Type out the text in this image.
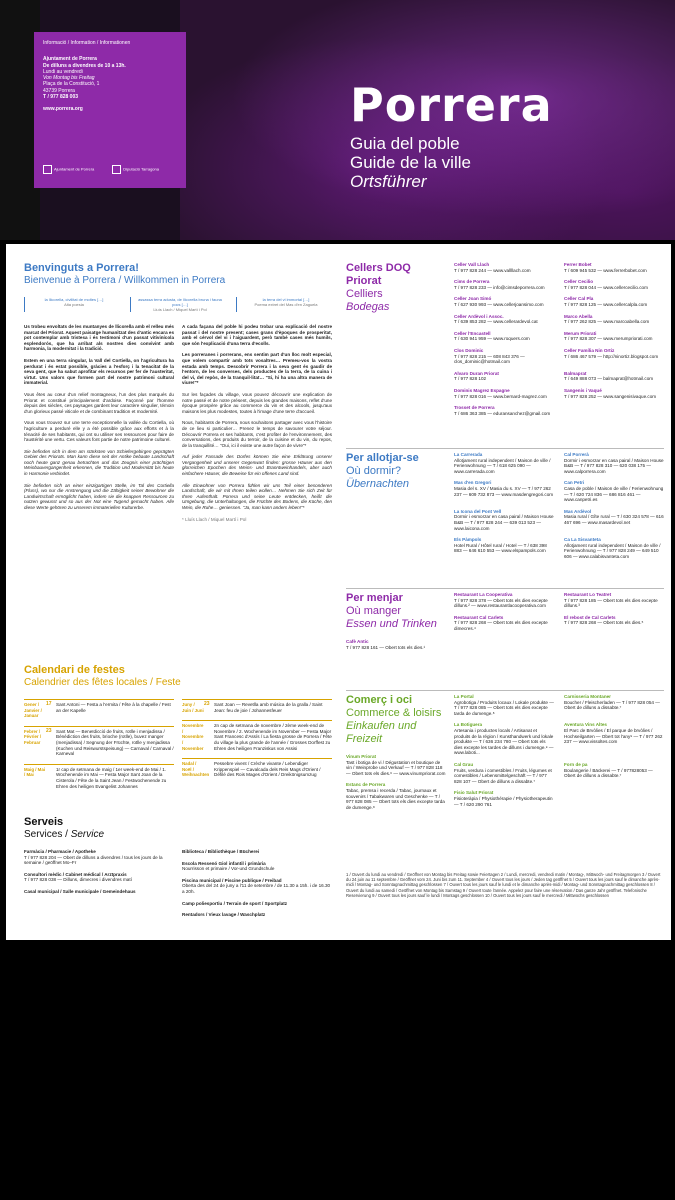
Informació / Information / Informationen
Ajuntament de Porrera
De dilluns a divendres de 10 a 13h.
Lundi au vendredi
Von Montag bis Freitag
Plaça de la Constitució, 1
43739 Porrera
T / 977 828 003
www.porrera.org
Ajuntament de Porrera	Diputació Tarragona
Porrera
Guia del poble
Guide de la ville
Ortsführer
Benvinguts a Porrera!
Bienvenue à Porrera / Willkommen in Porrera
la llicorella, civilitat de moltes […]
Alta poesia
assassa terra adusta, de llicorella bruna i fauna pocs […]
Lluís Llach / Miquel Martí i Pol
la terra del vi immortal […]
Poema extret del Mas d'en Zaguela

Us trobeu envoltats de les muntanyes de llicorella amb el relleu més marcat del Priorat. Aquest paisatge humanitzat des d'antic encara es pot contemplar amb tristesa i és testimoni d'un passat vitivinícola esplendorós, que ha arribat als nostres dies convivint amb harmonia, la modernitat i la tradició.

Estem en una terra singular, la Vall del Cortiella, on l'agricultura ha perdurat i és estat possible, gràcies a l'esforç i la tenacitat de la seva gent, que ha sabut aprofitar els recursos per fer de l'austeritat, virtut. Uns valors que formen part del nostre patrimoni cultural immaterial.

Vous êtes au cœur d'un relief montagneux, l'un des plus marqués du Priorat et constitué principalement d'ardoise. Façonné par l'homme depuis des siècles, ces paysages gardent leur caractère singulier, témoin d'un glorieux passé viticole et de combinant tradition et modernité.

Vous vous trouvez sur une terre exceptionnelle la vallée du Cortiella, où l'agriculture a perduré elle y a été possible grâce aux efforts et à la ténacité de ses habitants, qui ont su utiliser ses ressources pour faire de l'austérité une vertu. Ces valeurs font partie de notre patrimoine culturel.

Sie befinden sich in dem am stärksten von Schiefergebirgen geprägten Gebiet des Priorats. Man kann diese seit der Antike bebaute Landschaft noch heute ganz genau betrachten und das Zeugnis einer prächtigen Weinbauvergangenheit erkennen, die Tradition und Modernität bis heute in Harmonie verbindet.

Sie befinden sich an einer einzigartigen Stelle, im Tal des Cortiella (Fluss), wo nur die Anstrengung und die Zähigkeit seiner Bewohner die Landwirtschaft ermöglicht haben, indem sie die knappen Ressourcen zu nutzen gewusst und so aus der Not eine Tugend gemacht haben. Alle diese Werte gehören zu unserem immateriellen Kulturerbe.

A cada façana del poble hi podeu trobar una explicació del nostre passat i del nostre present; cases grans d'èpoques de prosperitat, amb el cérvol del vi i l'aiguardent, però també cases més humils, que són l'explicació d'una terra d'ecolls.

Les porreranes i porrerans, ens sentim part d'un lloc molt especial, que volem compartir amb tots vosaltres… Premeu-vos la vostra estada amb temps. Descobrir Porrera i la seva gent és gaudir de l'entorn, de les converses, dels productes de la terra, de la cuina i del vi, del repòs, de la tranquil·litat… "Si, hi ha una altra manera de viure!"*

Sur les façades du village, vous pouvez découvrir une explication de notre passé et de notre présent, depuis les grandes maisons, reflet d'une époque prospère grâce au commerce du vin et des alcools, jusqu'aux maisons les plus modestes, toutes à l'image d'une terre d'accueil.

Nous, habitants de Porrera, nous souhaitons partager avec vous l'histoire de ce lieu si particulier… Prenez le temps de savourer votre séjour. Découvrir Porrera et ses habitants, c'est profiter de l'environnement, des conversations, des produits du terroir, de la cuisine et du vin, du repos, de la tranquillité… "Oui, ici il existe une autre façon de vivre"*

Auf jeder Fassade des Dorfes können Sie eine Erklärung unserer Vergangenheit und unserer Gegenwart finden: grosse Häuser aus den glorreichen Epochen des Weins- und Branntweinhandels, aber auch einfachere Häuser, die Beweise für ein offenes Land sind.

Alle Einwohner von Porrera fühlen wir uns Teil einer besonderen Landschaft, die wir mit Ihnen teilen wollen… Nehmen Sie sich Zeit für Ihren Aufenthalt. Porrera und seine Leute entdecken, heißt die Umgebung, die Unterhaltungen, die Früchte des Bodens, die Küche, den Wein, die Ruhe… geniessen. "Ja, man kann anders leben!"*

* Lluís Llach / Miquel Martí i Pol

Calendari de festes
Calendrier des fêtes locales / Feste
Gener / Janvier / Januar
17 Sant Antoni — Festa a l'ermita / Fête à la chapelle / Fest an der Kapelle
Febrer / Février / Februar
23 Sant Mat — Beneïdicció de fruits, rotlle i menjadissa / Bénédiction des fruits, brioche (rotlle), buvez manger (menjadissa) / Segnung der Früchte, rotlle y menjadissa (Kuchen und Reiswurstspeisung) — Carnaval / Carnaval / Karneval
Maig / Mai / Mai
1r cap de setmana de maig / 1er week-end de Mai / 1. Wochenende im Mai — Festa Major Sant Joan de la Cisterola / Fête de la Saint Jean / Festwochenende zu Ehren des heiligen Evangelist Johannes
Juny / Juin / Juni
23 Sant Joan — Revetlla amb música de la gralla / Saint Jean: feu de joie / Johannesfeuer
Novembre / Novembre / November
2n cap de setmana de novembre / 2ème week-end de Novembre / 2. Wochenende im November — Festa Major Sant Francesc d'Assís / La fiesta grosse de Porrera / Fête du village la plus grande de l'année / Grosses Dorffest zu Ehren des heiligen Franziskus von Assisi
Nadal / Noël / Weihnachten
Pessebre vivent / Crèche vivante / Lebendiger Krippenspiel — Cavalcada dels Reis Mags d'Orient / Défilé des Rois Mages d'Orient / Dreikönigsumzug
Serveis
Services / Service
Farmàcia / Pharmacie / Apotheke
T / 977 828 204 — Obert de dilluns a divendres / tous les jours de la semaine / geöffnet Mo–Fr
Consultori mèdic / Cabinet médical / Arztpraxis
T / 977 828 038 — Dilluns, dimecres i divendres matí
Casal municipal / Salle municipale / Gemeindehaus
Biblioteca / Bibliothèque / Bücherei
Escola Ressenó Giol infantil i primària
Nourrisson et primaire / Vor-und Grundschule
Piscina municipal / Piscine publique / Freibad
Oberta des del 24 de juny a l'11 de setembre / de 11.30 a 15h. i de 16.30 a 20h.
Camp poliesportiu / Terrain de sport / Sportplatz
Rentadors / Vieux lavage / Waschplatz
Cellers DOQ Priorat
Celliers
Bodegas
Celler Vall Llach
T / 977 828 244 — www.vallllach.com
Ferrer Bobet
T / 609 945 532 — www.ferrerbobet.com
Cims de Porrera
T / 977 828 233 — info@cimsdeporrera.com
Celler Cecilio
T / 977 828 044 — www.cellercecilio.com
Celler Joan Simó
T / 627 930 993 — www.cellerjoansimo.com
Celler Cal Pla
T / 977 828 125 — www.cellercalpla.com
Celler Ardèvol i Assoc.
T / 639 853 282 — www.cellerardevol.cat
Marco Abella
T / 977 262 825 — www.marcoabella.com
Celler l'Encastell
T / 630 941 959 — www.roquers.com
Merum Priorati
T / 977 828 307 — www.merumpriorati.com
Clos Dominic
T / 977 828 215 — 608 843 376 — clos_dominic@hotmail.com
Celler Família Nin Ortiz
T / 686 467 579 — http://ninortiz.blogspot.com
Alvaro Duran Priorat
T / 977 828 102
Balmaprat
T / 649 888 073 — balmaprat@hotmail.com
Dominis Magrez Espagne
T / 977 828 016 — www.bernard-magrez.com
Sangenís i Vaqué
T / 977 828 252 — www.sangenisivaque.com
Trosset de Porrera
T / 686 363 385 — eduransanchez@gmail.com
Per allotjar-se
Où dormir?
Übernachten
La Carrerada
Allotjament rural independent / Maison de ville / Ferienwohnung — T / 618 625 090 — www.carrerada.com
Cal Porrerà
Dormir i esmorzar en casa pairal / Maison House B&B — T / 977 828 310 — 620 038 175 — www.calporrera.com
Mas d'en Gregori
Masia del s. XV / Masia du s. XV — T / 977 262 237 — 609 732 873 — www.masdengregori.com
Can Petri
Casa de poble / Maison de ville / Ferienwohnung — T / 620 724 836 — 686 816 461 — www.canpetri.es
La Icona del Pont Vell
Dormir i esmorzar en casa pairal / Maison House B&B — T / 977 828 244 — 639 013 523 — www.laicona.com
Mas Ardèvol
Masia rural / Gîte rural — T / 630 324 578 — 616 467 696 — www.masardevol.net
Els Pàmpols
Hotel Rural / Hôtel rural / Hotel — T / 638 398 883 — 646 610 553 — www.elspampols.com
Ca La Sisvanteta
Allotjament rural independent / Maison de ville / Ferienwohnung — T / 977 828 249 — 649 510 606 — www.calabisvanteta.com
Per menjar
Où manger
Essen und Trinken
Cafè Antic
T / 977 828 161 — Obert tots els dies.¹
Restaurant La Cooperativa
T / 977 828 378 — Obert tots els dies excepte dilluns.² — www.restaurantlacooperativa.com
Restaurant Lo Teatret
T / 977 828 185 — Obert tots els dies excepte dilluns.³
Restaurant Cal Carlets
T / 977 828 268 — Obert tots els dies excepte dimecres.⁴
El rebost de Cal Carlets
T / 977 828 268 — Obert tots els dies.⁵
Comerç i oci
Commerce & loisirs
Einkaufen und Freizeit
Vinum Priorat
Tast i botiga de vi / Dégustation et boutique de vin / Weinprobe und Verkauf — T / 977 828 118 — Obert tots els dies.⁶ — www.vinumpriorat.com
Estanc de Porrera
Tabac, premsa i recerda / Tabac, journaux et souvenirs / Tabakwaren und Geschenke — T / 977 828 085 — Obert tots els dies excepte tarda de dumenge.⁸
La Portal
Agrobotiga / Produits locaux / Lokale produkte — T / 977 828 085 — Obert tots els dies excepte tarda de dumenge.⁸
Carnisseria Montaner
Boucher / Fleischerladen — T / 977 828 054 — Obert de dilluns a dissabte.⁷
La Botiguera
Artesania i productes locals / Artisanat et produits de la région / Kunsthandwerk und lokale produkte — T / 636 234 780 — Obert tots els dies excepte les tardes de dilluns i dumenge.⁹ — www.laboti...
Aventura Vins Altes
El Parc de Brvòlies / El parque de brvòlies / Hochseilgarten — Obert tot l'any⁹ — T / 977 262 237 — www.vissoltes.com
Cal Grau
Fruits, verdura i comestibles / Fruits, légumes et comestibles / Lebensmittelgeschäft — T / 977 828 107 — Obert de dilluns a dissabte.⁷
Forn de pa
Boulangerie / Bäckerei — T / 977828053 — Obert de dilluns a dissabte.⁷
Fisio Salut Priorat
Fisioteràpia / Physiothérapie / Physiotherapeutin — T / 620 290 761
1 / Ouvert du lundi au vendredi / Geöffnet von Montag bis Freitag sowie Feiertagen 2 / Lundi, mercredi, vendredi matin / Montag-, Mittwoch- und Freitagmorgen 3 / Ouvert du 24 juin au 11 septembre / Geöffnet vom 24. Juni bis zum 11. September 4 / Ouvert tous les jours / Jeden tag geöffnet 5 / Ouvert tous les jours sauf le dimanche après-midi / Montag- und Sonntagnachmittag geschlossen 7 / Ouvert tous les jours sauf le lundi et le dimanche après-midi / Montag- und Sonntagnachmittag geschlossen 8 / Ouvert du lundi au samedi / Geöffnet von Montag bis Samstag 9 / Ouvert toute l'année. Appelez pour faire une réservation / Das ganze Jahr geöffnet. Telefonische Reservierung 9 / Ouvert tous les jours sauf le lundi / Montags geschlossen 10 / Ouvert tous les jours sauf le mercredi / Mittwochs geschlossen
